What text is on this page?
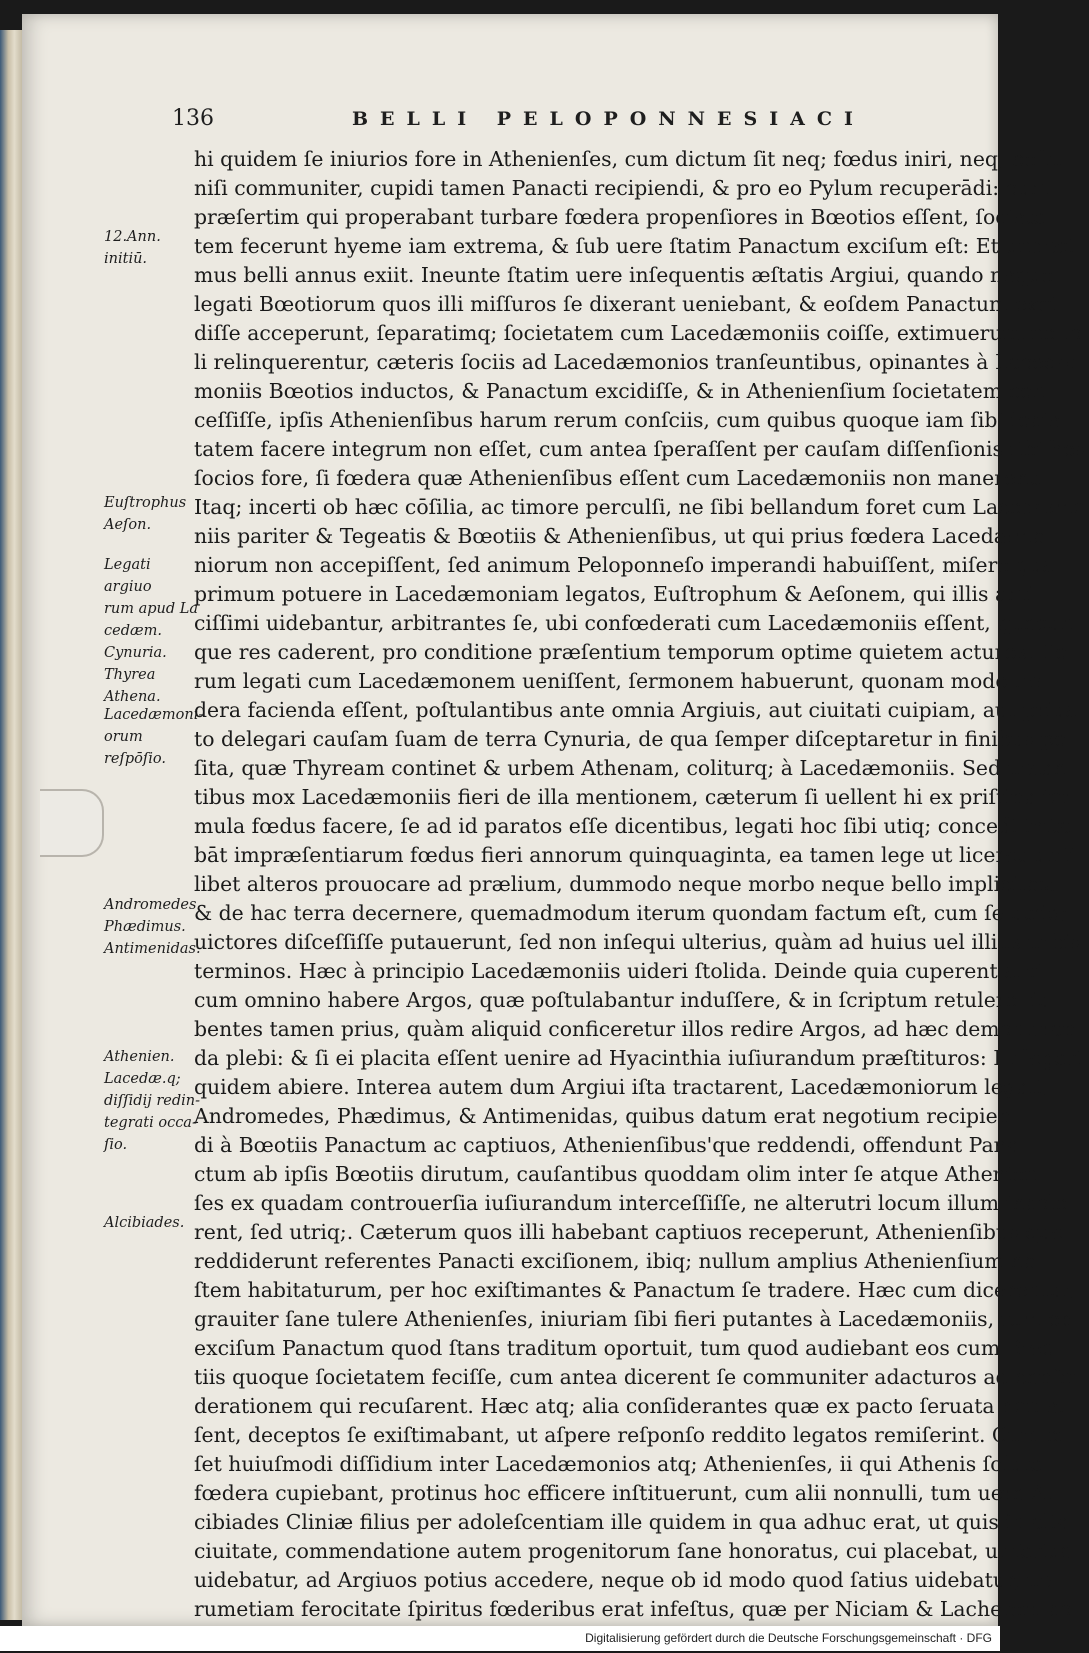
136	BELLI PELOPONNESIACI
12.Ann. initiū.
Euſtrophus
Aeſon.
Legati argiuo
rum apud La
cedæm.
Cynuria.
Thyrea
Athena.
Lacedæmoni-
orum reſpōſio.
Andromedes
Phædimus.
Antimenidas.
Athenien.
Lacedæ.q;
diſſidij redin-
tegrati occa-
ſio.
Alcibiades.
hi quidem ſe iniurios fore in Athenienſes, cum dictum ſit neq; fœdus iniri, neq; bellū,
niſi communiter, cupidi tamen Panacti recipiendi, & pro eo Pylum recuperādi: cum
præſertim qui properabant turbare fœdera propenſiores in Bœotios eſſent, ſocieta-
tem fecerunt hyeme iam extrema, & ſub uere ſtatim Panactum exciſum eſt: Et undeci
mus belli annus exiit. Ineunte ſtatim uere inſequentis æſtatis Argiui, quando neque
legati Bœotiorum quos illi miſſuros ſe dixerant ueniebant, & eoſdem Panactum exci-
diſſe acceperunt, ſeparatimq; ſocietatem cum Lacedæmoniis coiſſe, extimuerunt ne ſo-
li relinquerentur, cæteris ſociis ad Lacedæmonios tranſeuntibus, opinantes à Lacedæ-
moniis Bœotios inductos, & Panactum excidiſſe, & in Athenienſium ſocietatem con
ceſſiſſe, ipſis Athenienſibus harum rerum conſciis, cum quibus quoque iam ſibi ſocie
tatem facere integrum non eſſet, cum antea ſperaſſent per cauſam diſſenſionis ſibi hos
ſocios fore, ſi fœdera quæ Athenienſibus eſſent cum Lacedæmoniis non manerent.
Itaq; incerti ob hæc cōſilia, ac timore perculſi, ne ſibi bellandum foret cum Lacedæmo
niis pariter & Tegeatis & Bœotiis & Athenienſibus, ut qui prius fœdera Lacedæmo-
niorum non accepiſſent, ſed animum Peloponneſo imperandi habuiſſent, miſere quā-
primum potuere in Lacedæmoniam legatos, Euſtrophum & Aeſonem, qui illis ami-
ciſſimi uidebantur, arbitrantes ſe, ubi confœderati cum Lacedæmoniis eſſent, quocun
que res caderent, pro conditione præſentium temporum optime quietem acturos. Eo
rum legati cum Lacedæmonem ueniſſent, ſermonem habuerunt, quonam modo fœ-
dera facienda eſſent, poſtulantibus ante omnia Argiuis, aut ciuitati cuipiam, aut priua-
to delegari cauſam ſuam de terra Cynuria, de qua ſemper diſceptaretur in finibus po-
ſita, quæ Thyream continet & urbem Athenam, coliturq; à Lacedæmoniis. Sed uetan-
tibus mox Lacedæmoniis fieri de illa mentionem, cæterum ſi uellent hi ex priſtina for
mula fœdus facere, ſe ad id paratos eſſe dicentibus, legati hoc ſibi utiq; concedi inſta-
bāt impræſentiarum fœdus fieri annorum quinquaginta, ea tamen lege ut liceret utriſ-
libet alteros prouocare ad prælium, dummodo neque morbo neque bello implicitos:
& de hac terra decernere, quemadmodum iterum quondam factum eſt, cum ſe utriq;
uictores diſceſſiſſe putauerunt, ſed non inſequi ulterius, quàm ad huius uel illius urbis
terminos. Hæc à principio Lacedæmoniis uideri ſtolida. Deinde quia cuperent ami-
cum omnino habere Argos, quæ poſtulabantur induſſere, & in ſcriptum retulere, iu-
bentes tamen prius, quàm aliquid conficeretur illos redire Argos, ad hæc demonſtran
da plebi: & ſi ei placita eſſent uenire ad Hyacinthia iuſiurandum præſtituros: Et legati
quidem abiere. Interea autem dum Argiui iſta tractarent, Lacedæmoniorum legati,
Andromedes, Phædimus, & Antimenidas, quibus datum erat negotium recipien-
di à Bœotiis Panactum ac captiuos, Athenienſibus'que reddendi, offendunt Pana-
ctum ab ipſis Bœotiis dirutum, cauſantibus quoddam olim inter ſe atque Athenien-
ſes ex quadam controuerſia iuſiurandum interceſſiſſe, ne alterutri locum illum incole-
rent, ſed utriq;. Cæterum quos illi habebant captiuos receperunt, Athenienſibus'que
reddiderunt referentes Panacti exciſionem, ibiq; nullum amplius Athenienſium ho-
ſtem habitaturum, per hoc exiſtimantes & Panactum ſe tradere. Hæc cum dicerentur,
grauiter ſane tulere Athenienſes, iniuriam ſibi fieri putantes à Lacedæmoniis, tum ob
exciſum Panactum quod ſtans traditum oportuit, tum quod audiebant eos cum Bœo
tiis quoque ſocietatem feciſſe, cum antea dicerent ſe communiter adacturos ad confœ-
derationem qui recuſarent. Hæc atq; alia conſiderantes quæ ex pacto ſeruata non eſ-
ſent, deceptos ſe exiſtimabant, ut aſpere reſponſo reddito legatos remiſerint. Cum eſ-
ſet huiuſmodi diſſidium inter Lacedæmonios atq; Athenienſes, ii qui Athenis ſoluta
fœdera cupiebant, protinus hoc efficere inſtituerunt, cum alii nonnulli, tum uero Al-
cibiades Cliniæ filius per adoleſcentiam ille quidem in qua adhuc erat, ut quis in alia
ciuitate, commendatione autem progenitorum ſane honoratus, cui placebat, ut ſatius
uidebatur, ad Argiuos potius accedere, neque ob id modo quod ſatius uidebatur, ue-
rumetiam ferocitate ſpiritus fœderibus erat infeſtus, quæ per Niciam & Lachetem cō
Digitalisierung gefördert durch die Deutsche Forschungsgemeinschaft · DFG
